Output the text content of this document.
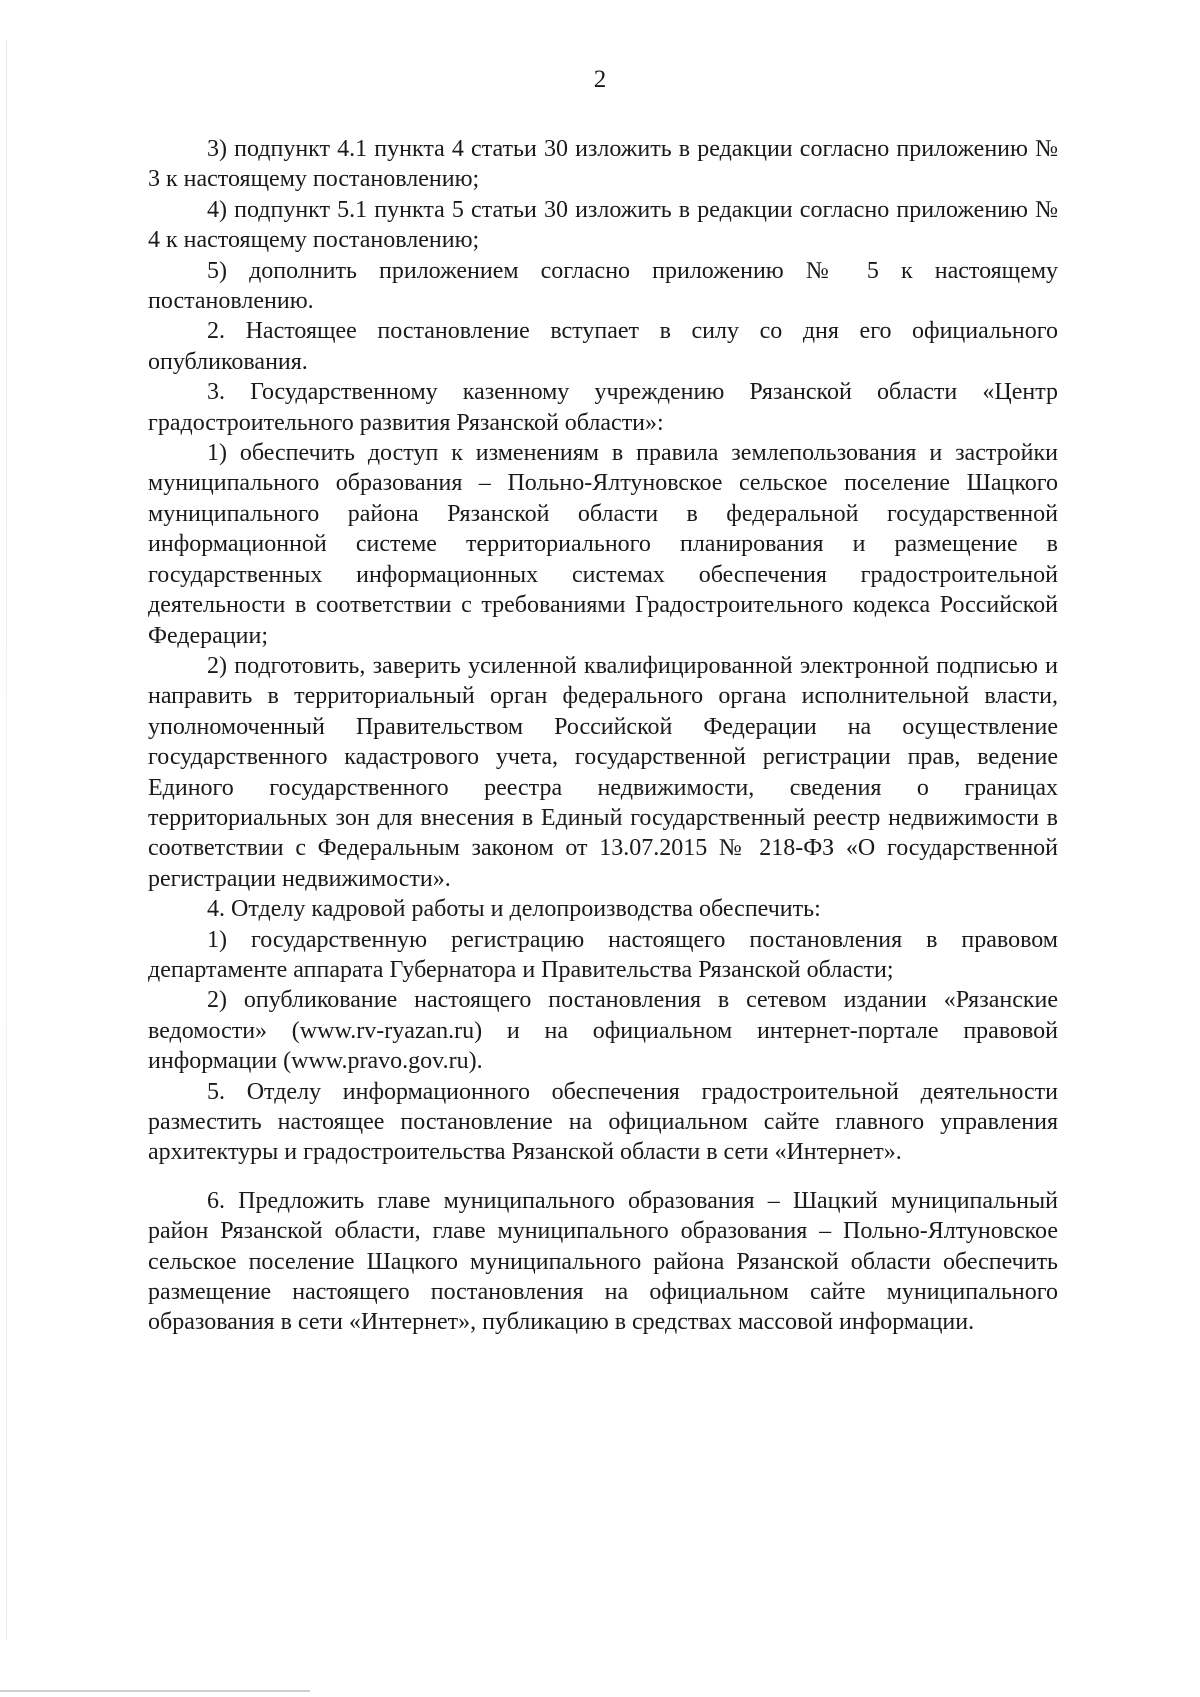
2

3) подпункт 4.1 пункта 4 статьи 30 изложить в редакции согласно приложению № 3 к настоящему постановлению;

4) подпункт 5.1 пункта 5 статьи 30 изложить в редакции согласно приложению № 4 к настоящему постановлению;

5) дополнить приложением согласно приложению № 5 к настоящему постановлению.

2. Настоящее постановление вступает в силу со дня его официального опубликования.

3. Государственному казенному учреждению Рязанской области «Центр градостроительного развития Рязанской области»:

1) обеспечить доступ к изменениям в правила землепользования и застройки муниципального образования – Польно-Ялтуновское сельское поселение Шацкого муниципального района Рязанской области в федеральной государственной информационной системе территориального планирования и размещение в государственных информационных системах обеспечения градостроительной деятельности в соответствии с требованиями Градостроительного кодекса Российской Федерации;

2) подготовить, заверить усиленной квалифицированной электронной подписью и направить в территориальный орган федерального органа исполнительной власти, уполномоченный Правительством Российской Федерации на осуществление государственного кадастрового учета, государственной регистрации прав, ведение Единого государственного реестра недвижимости, сведения о границах территориальных зон для внесения в Единый государственный реестр недвижимости в соответствии с Федеральным законом от 13.07.2015 № 218-ФЗ «О государственной регистрации недвижимости».

4. Отделу кадровой работы и делопроизводства обеспечить:

1) государственную регистрацию настоящего постановления в правовом департаменте аппарата Губернатора и Правительства Рязанской области;

2) опубликование настоящего постановления в сетевом издании «Рязанские ведомости» (www.rv-ryazan.ru) и на официальном интернет-портале правовой информации (www.pravo.gov.ru).

5. Отделу информационного обеспечения градостроительной деятельности разместить настоящее постановление на официальном сайте главного управления архитектуры и градостроительства Рязанской области в сети «Интернет».

6. Предложить главе муниципального образования – Шацкий муниципальный район Рязанской области, главе муниципального образования – Польно-Ялтуновское сельское поселение Шацкого муниципального района Рязанской области обеспечить размещение настоящего постановления на официальном сайте муниципального образования в сети «Интернет», публикацию в средствах массовой информации.
